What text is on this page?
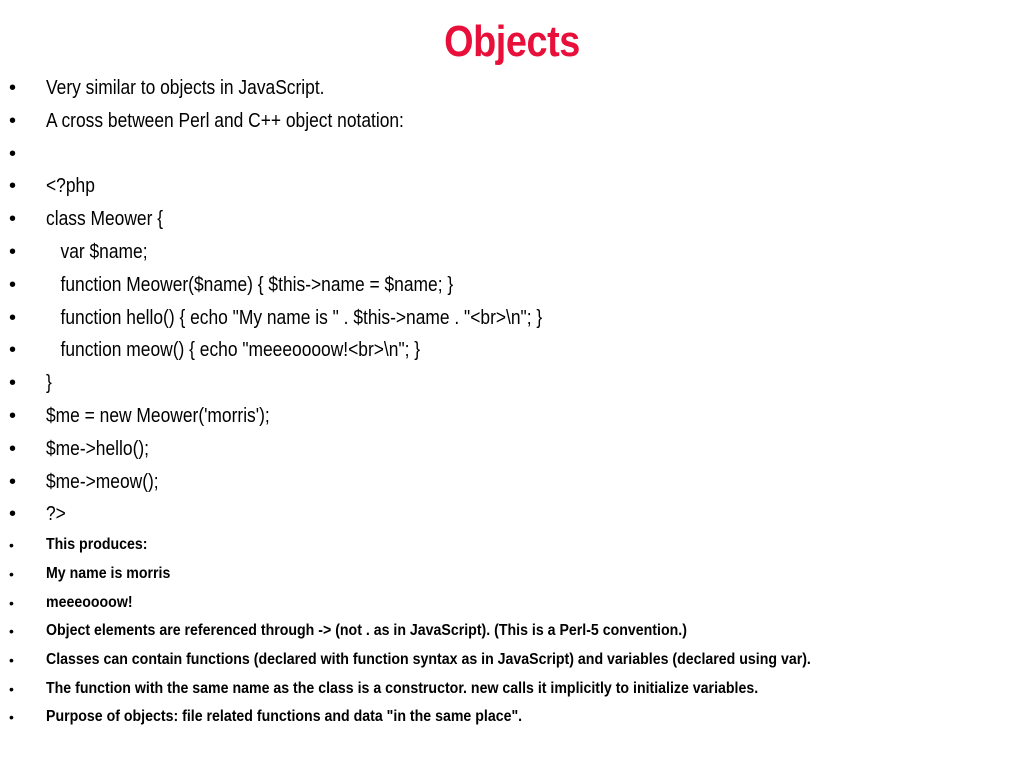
Objects
• Very similar to objects in JavaScript.
• A cross between Perl and C++ object notation:
•
• <?php
• class Meower {
• var $name;
• function Meower($name) { $this->name = $name; }
• function hello() { echo "My name is " . $this->name . "<br>\n"; }
• function meow() { echo "meeeoooow!<br>\n"; }
• }
• $me = new Meower('morris');
• $me->hello();
• $me->meow();
• ?>
• This produces:
• My name is morris
• meeeoooow!
• Object elements are referenced through -> (not . as in JavaScript). (This is a Perl-5 convention.)
• Classes can contain functions (declared with function syntax as in JavaScript) and variables (declared using var).
• The function with the same name as the class is a constructor. new calls it implicitly to initialize variables.
• Purpose of objects: file related functions and data "in the same place".
